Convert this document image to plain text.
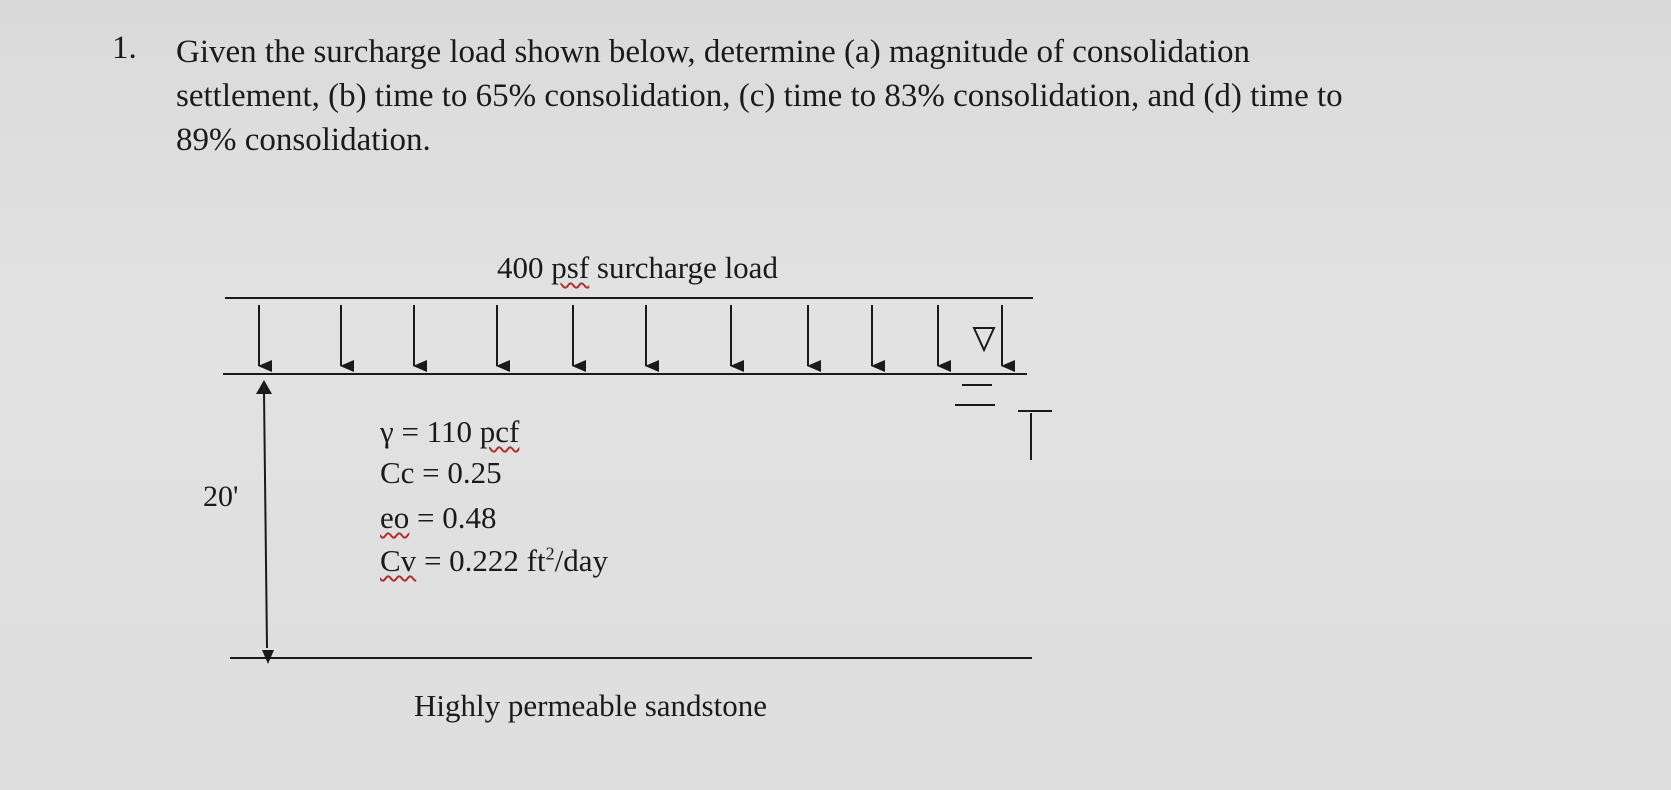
1. Given the surcharge load shown below, determine (a) magnitude of consolidation
settlement, (b) time to 65% consolidation, (c) time to 83% consolidation, and (d) time to
89% consolidation.
400 psf surcharge load
20'
γ = 110 pcf
Cc = 0.25
eo = 0.48
Cv = 0.222 $ft^2$/day
Highly permeable sandstone
